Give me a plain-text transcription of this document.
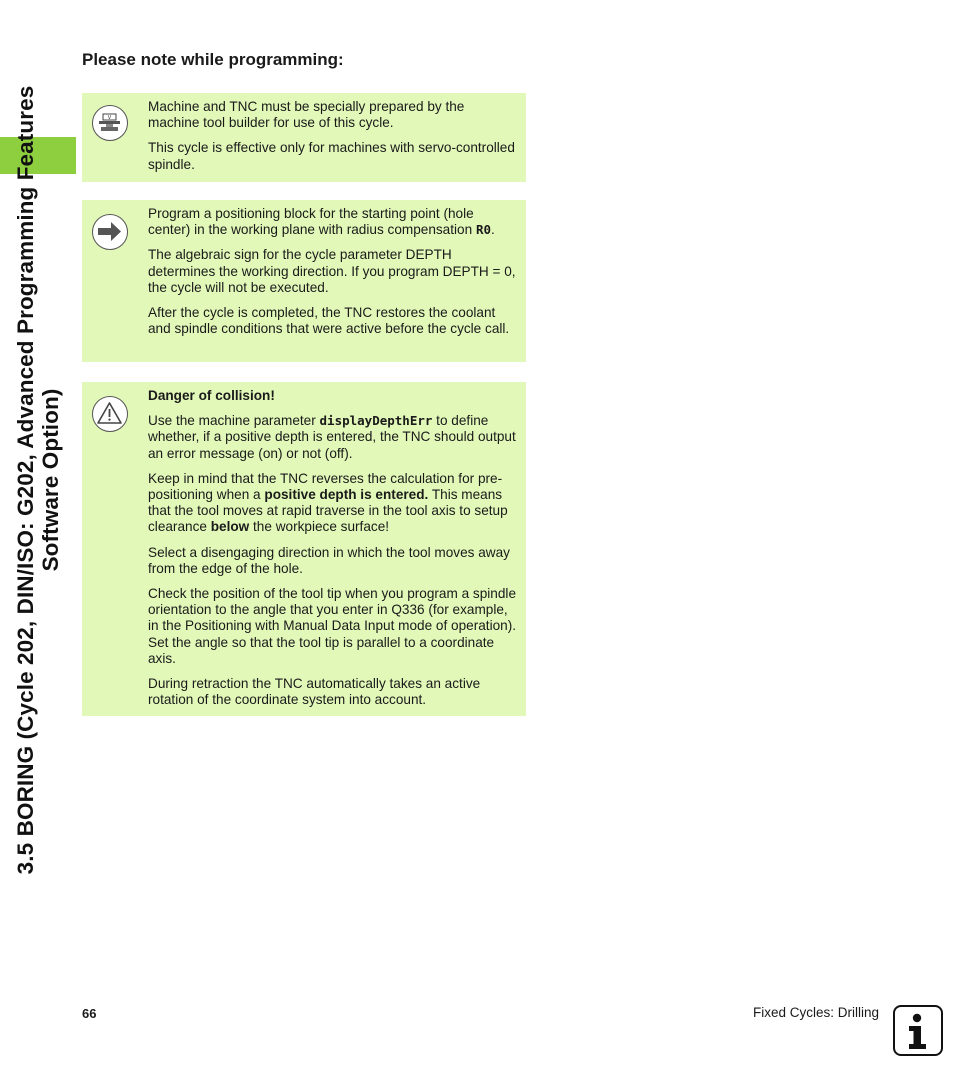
3.5 BORING (Cycle 202, DIN/ISO: G202, Advanced Programming Features Software Option)
Please note while programming:
V

Machine and TNC must be specially prepared by the machine tool builder for use of this cycle.

This cycle is effective only for machines with servo-controlled spindle.

Program a positioning block for the starting point (hole center) in the working plane with radius compensation R0.

The algebraic sign for the cycle parameter DEPTH determines the working direction. If you program DEPTH = 0, the cycle will not be executed.

After the cycle is completed, the TNC restores the coolant and spindle conditions that were active before the cycle call.

Danger of collision!

Use the machine parameter displayDepthErr to define whether, if a positive depth is entered, the TNC should output an error message (on) or not (off).

Keep in mind that the TNC reverses the calculation for pre-positioning when a positive depth is entered. This means that the tool moves at rapid traverse in the tool axis to setup clearance below the workpiece surface!

Select a disengaging direction in which the tool moves away from the edge of the hole.

Check the position of the tool tip when you program a spindle orientation to the angle that you enter in Q336 (for example, in the Positioning with Manual Data Input mode of operation). Set the angle so that the tool tip is parallel to a coordinate axis.

During retraction the TNC automatically takes an active rotation of the coordinate system into account.

66	Fixed Cycles: Drilling
